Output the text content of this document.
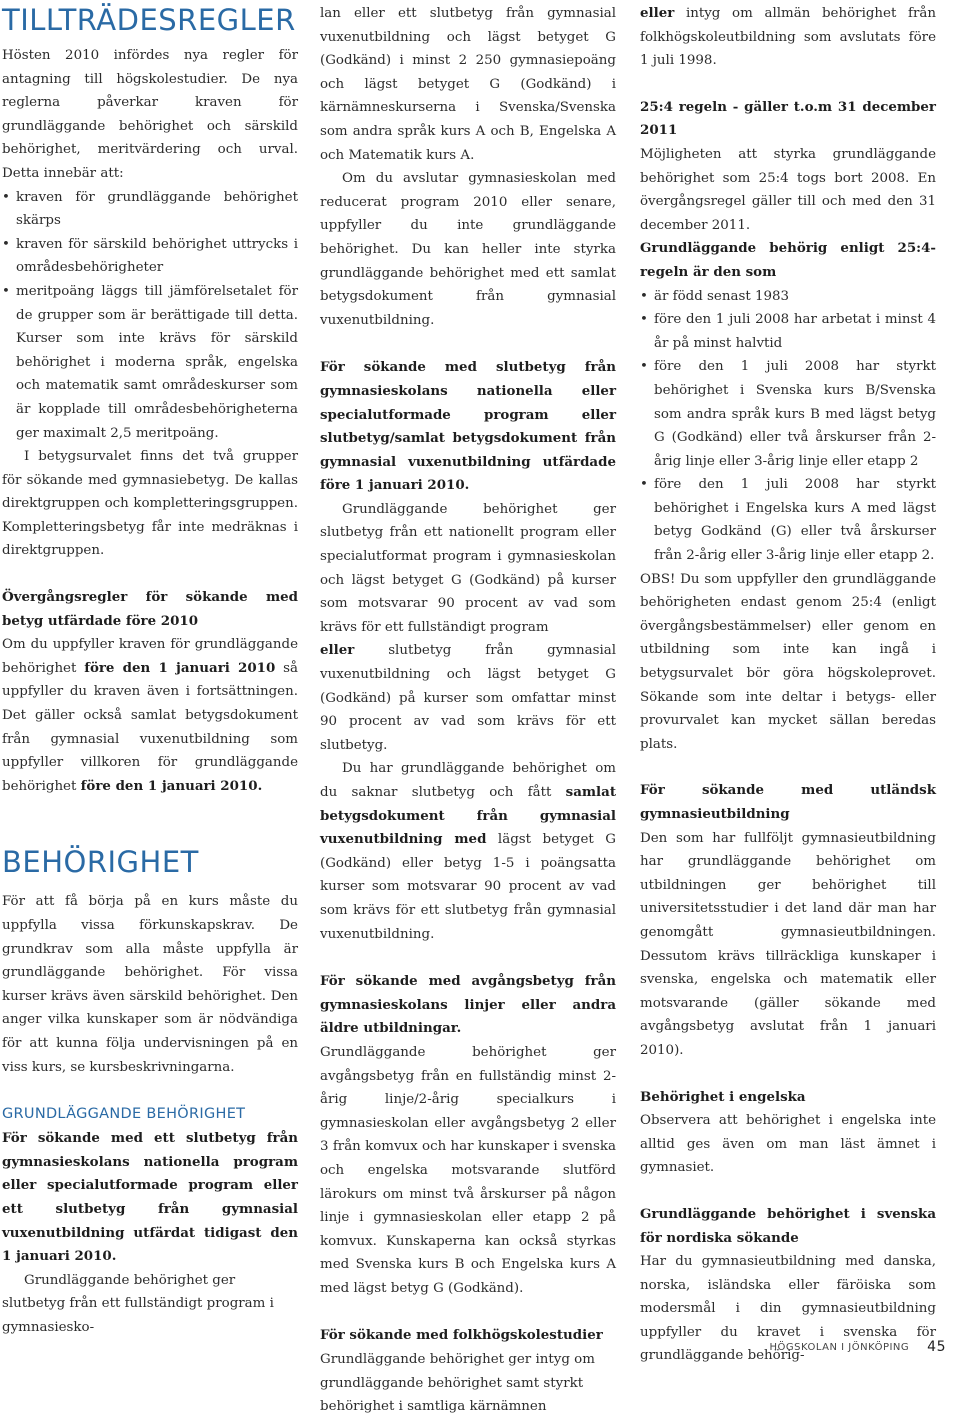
TILLTRÄDESREGLER

Hösten 2010 infördes nya regler för antagning till högskolestudier. De nya reglerna påverkar kraven för grundläggande behörighet och särskild behörighet, meritvärdering och urval. Detta innebär att:

• kraven för grundläggande behörighet skärps
• kraven för särskild behörighet uttrycks i områdesbehörigheter
• meritpoäng läggs till jämförelsetalet för de grupper som är berättigade till detta. Kurser som inte krävs för särskild behörighet i moderna språk, engelska och matematik samt områdeskurser som är kopplade till områdesbehörigheterna ger maximalt 2,5 meritpoäng.

I betygsurvalet finns det två grupper för sökande med gymnasiebetyg. De kallas direktgruppen och kompletteringsgruppen. Kompletteringsbetyg får inte medräknas i direktgruppen.

Övergångsregler för sökande med betyg utfärdade före 2010

Om du uppfyller kraven för grundläggande behörighet före den 1 januari 2010 så uppfyller du kraven även i fortsättningen. Det gäller också samlat betygsdokument från gymnasial vuxenutbildning som uppfyller villkoren för grundläggande behörighet före den 1 januari 2010.

BEHÖRIGHET

För att få börja på en kurs måste du uppfylla vissa förkunskapskrav. De grundkrav som alla måste uppfylla är grundläggande behörighet. För vissa kurser krävs även särskild behörighet. Den anger vilka kunskaper som är nödvändiga för att kunna följa undervisningen på en viss kurs, se kursbeskrivningarna.

GRUNDLÄGGANDE BEHÖRIGHET

För sökande med ett slutbetyg från gymnasieskolans nationella program eller specialutformade program eller ett slutbetyg från gymnasial vuxenutbildning utfärdat tidigast den 1 januari 2010.

Grundläggande behörighet ger slutbetyg från ett fullständigt program i gymnasiesko-

lan eller ett slutbetyg från gymnasial vuxenutbildning och lägst betyget G (Godkänd) i minst 2 250 gymnasiepoäng och lägst betyget G (Godkänd) i kärnämneskurserna i Svenska/Svenska som andra språk kurs A och B, Engelska A och Matematik kurs A.

Om du avslutar gymnasieskolan med reducerat program 2010 eller senare, uppfyller du inte grundläggande behörighet. Du kan heller inte styrka grundläggande behörighet med ett samlat betygsdokument från gymnasial vuxenutbildning.

För sökande med slutbetyg från gymnasieskolans nationella eller specialutformade program eller slutbetyg/samlat betygsdokument från gymnasial vuxenutbildning utfärdade före 1 januari 2010.

Grundläggande behörighet ger slutbetyg från ett nationellt program eller specialutformat program i gymnasieskolan och lägst betyget G (Godkänd) på kurser som motsvarar 90 procent av vad som krävs för ett fullständigt program

eller	slutbetyg från gymnasial vuxenutbildning och lägst betyget G (Godkänd) på kurser som omfattar minst 90 procent av vad som krävs för ett slutbetyg.

Du har grundläggande behörighet om du saknar slutbetyg och fått samlat betygsdokument från gymnasial vuxenutbildning med lägst betyget G (Godkänd) eller betyg 1-5 i poängsatta kurser som motsvarar 90 procent av vad som krävs för ett slutbetyg från gymnasial vuxenutbildning.

För sökande med avgångsbetyg från gymnasieskolans linjer eller andra äldre utbildningar.

Grundläggande behörighet ger avgångsbetyg från en fullständig minst 2-årig linje/2-årig specialkurs i gymnasieskolan eller avgångsbetyg 2 eller 3 från komvux och har kunskaper i svenska och engelska motsvarande slutförd lärokurs om minst två årskurser på någon linje i gymnasieskolan eller etapp 2 på komvux. Kunskaperna kan också styrkas med Svenska kurs B och Engelska kurs A med lägst betyg G (Godkänd).

För sökande med folkhögskolestudier

Grundläggande behörighet ger intyg om grundläggande behörighet samt styrkt behörighet i samtliga kärnämnen

eller intyg om allmän behörighet från folkhögskoleutbildning som avslutats före 1 juli 1998.

25:4 regeln - gäller t.o.m 31 december 2011

Möjligheten att styrka grundläggande behörighet som 25:4 togs bort 2008. En övergångsregel gäller till och med den 31 december 2011.

Grundläggande behörig enligt 25:4-regeln är den som

• är född senast 1983
• före den 1 juli 2008 har arbetat i minst 4 år på minst halvtid
• före den 1 juli 2008 har styrkt behörighet i Svenska kurs B/Svenska som andra språk kurs B med lägst betyg G (Godkänd) eller två årskurser från 2-årig linje eller 3-årig linje eller etapp 2
• före den 1 juli 2008 har styrkt behörighet i Engelska kurs A med lägst betyg Godkänd (G) eller två årskurser från 2-årig eller 3-årig linje eller etapp 2.

OBS! Du som uppfyller den grundläggande behörigheten endast genom 25:4 (enligt övergångsbestämmelser) eller genom en utbildning som inte kan ingå i betygsurvalet bör göra högskoleprovet. Sökande som inte deltar i betygs- eller provurvalet kan mycket sällan beredas plats.

För sökande med utländsk gymnasieutbildning

Den som har fullföljt gymnasieutbildning har grundläggande behörighet om utbildningen ger behörighet till universitetsstudier i det land där man har genomgått gymnasieutbildningen. Dessutom krävs tillräckliga kunskaper i svenska, engelska och matematik eller motsvarande (gäller sökande med avgångsbetyg avslutat från 1 januari 2010).

Behörighet i engelska

Observera att behörighet i engelska inte alltid ges även om man läst ämnet i gymnasiet.

Grundläggande behörighet i svenska för nordiska sökande

Har du gymnasieutbildning med danska, norska, isländska eller färöiska som modersmål i din gymnasieutbildning uppfyller du kravet i svenska för grundläggande behörig-

HÖGSKOLAN I JÖNKÖPING 45
